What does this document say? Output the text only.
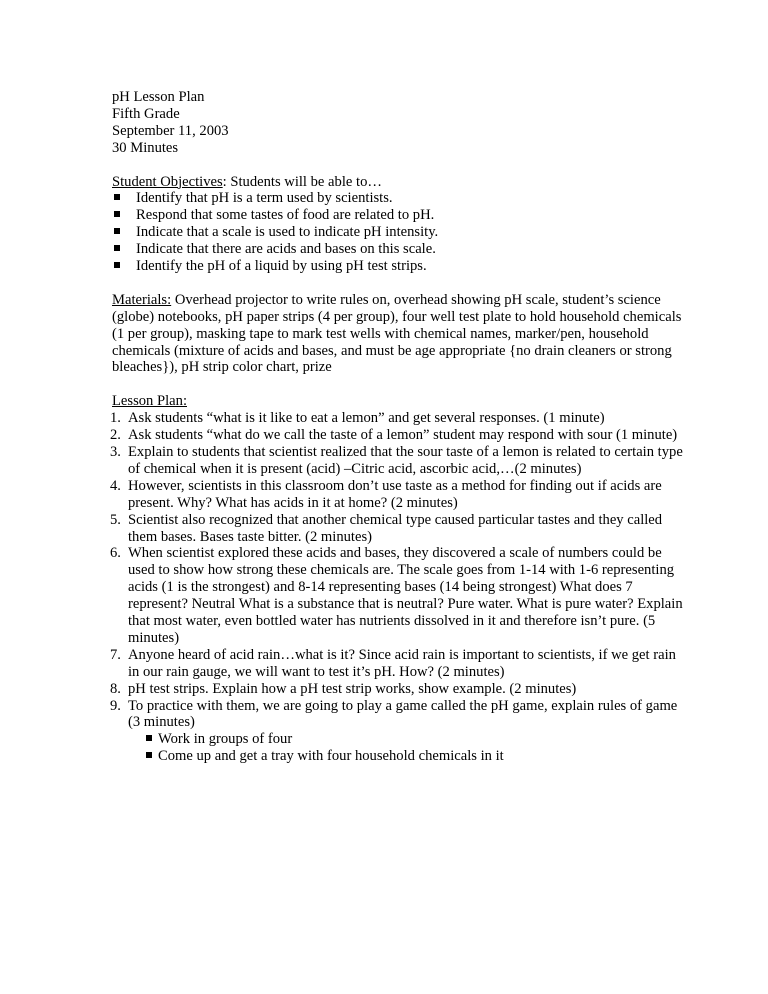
pH Lesson Plan
Fifth Grade
September 11, 2003
30 Minutes
Student Objectives: Students will be able to…
Identify that pH is a term used by scientists.
Respond that some tastes of food are related to pH.
Indicate that a scale is used to indicate pH intensity.
Indicate that there are acids and bases on this scale.
Identify the pH of a liquid by using pH test strips.
Materials: Overhead projector to write rules on, overhead showing pH scale, student’s science (globe) notebooks, pH paper strips (4 per group), four well test plate to hold household chemicals (1 per group), masking tape to mark test wells with chemical names, marker/pen, household chemicals (mixture of acids and bases, and must be age appropriate {no drain cleaners or strong bleaches}), pH strip color chart, prize
Lesson Plan:
1. Ask students “what is it like to eat a lemon” and get several responses. (1 minute)
2. Ask students “what do we call the taste of a lemon” student may respond with sour (1 minute)
3. Explain to students that scientist realized that the sour taste of a lemon is related to certain type of chemical when it is present (acid) –Citric acid, ascorbic acid,…(2 minutes)
4. However, scientists in this classroom don’t use taste as a method for finding out if acids are present. Why? What has acids in it at home? (2 minutes)
5. Scientist also recognized that another chemical type caused particular tastes and they called them bases. Bases taste bitter. (2 minutes)
6. When scientist explored these acids and bases, they discovered a scale of numbers could be used to show how strong these chemicals are. The scale goes from 1-14 with 1-6 representing acids (1 is the strongest) and 8-14 representing bases (14 being strongest) What does 7 represent? Neutral What is a substance that is neutral? Pure water. What is pure water? Explain that most water, even bottled water has nutrients dissolved in it and therefore isn’t pure. (5 minutes)
7. Anyone heard of acid rain…what is it? Since acid rain is important to scientists, if we get rain in our rain gauge, we will want to test it’s pH. How? (2 minutes)
8. pH test strips. Explain how a pH test strip works, show example. (2 minutes)
9. To practice with them, we are going to play a game called the pH game, explain rules of game (3 minutes)
Work in groups of four
Come up and get a tray with four household chemicals in it
